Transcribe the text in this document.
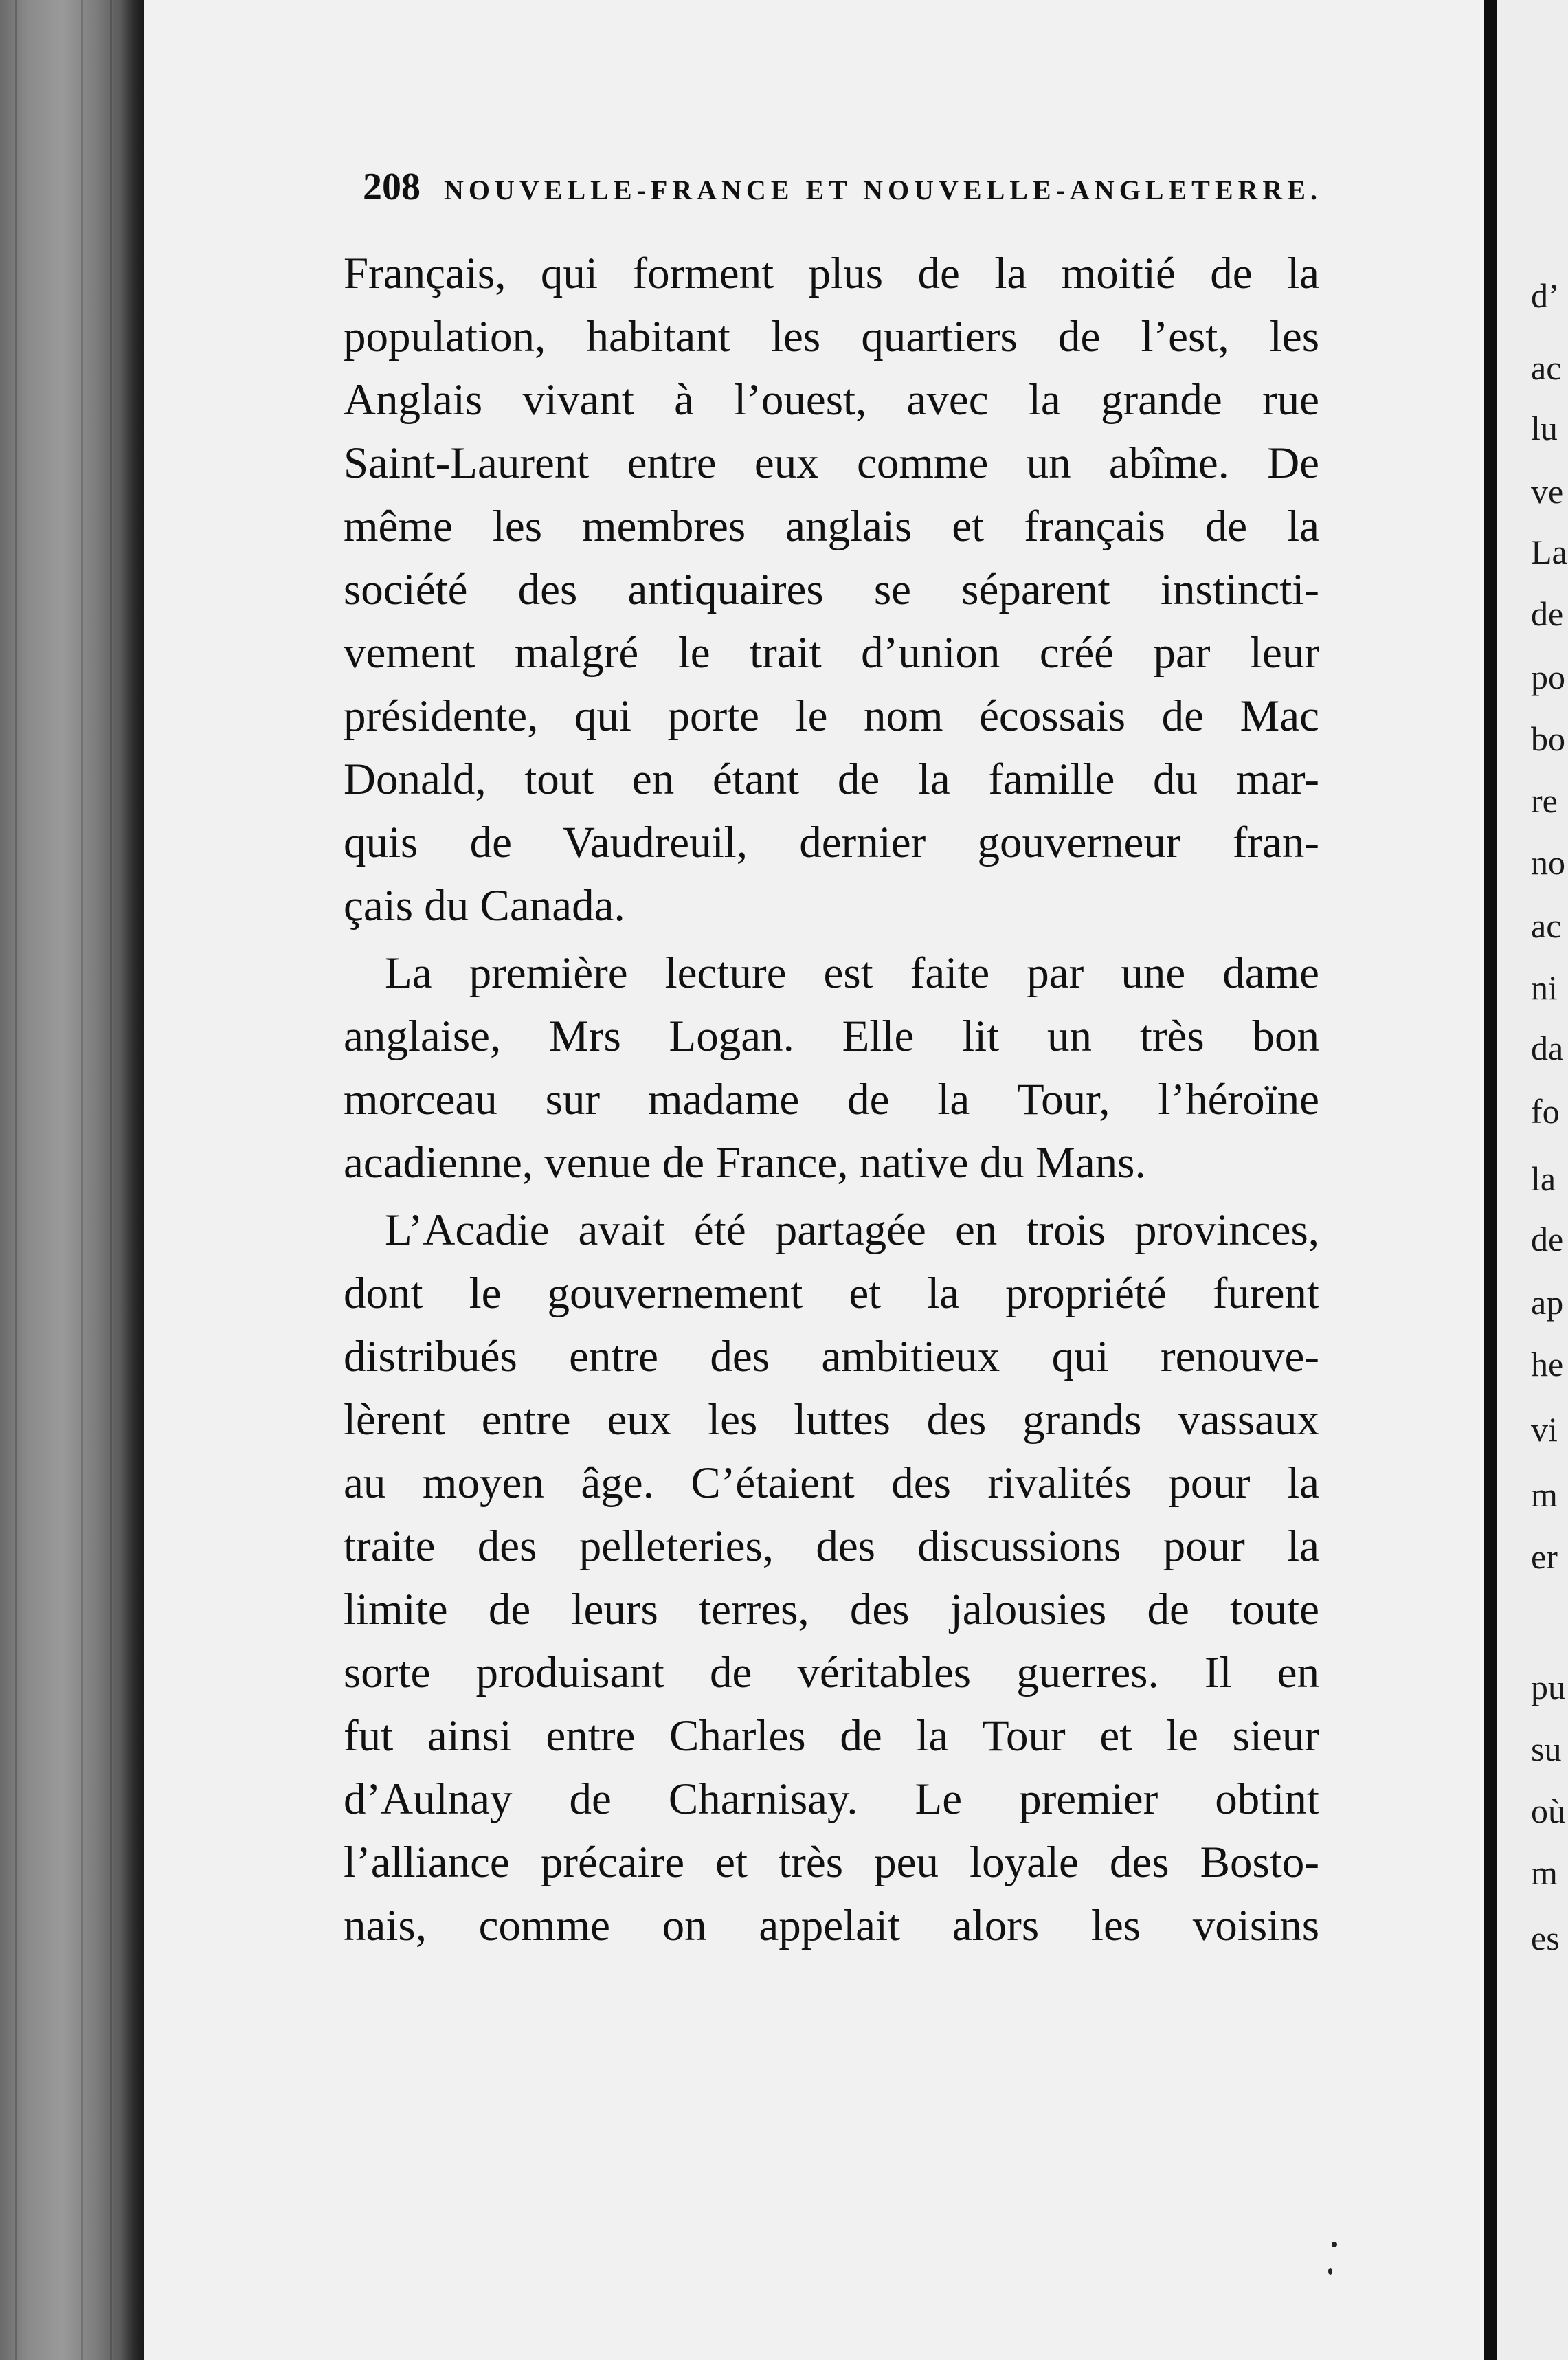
d’
ac
lu
ve
La
de
po
bo
re
no
ac
ni
da
fo
la
de
ap
he
vi
m
er
pu
su
où
m
es
208 NOUVELLE-FRANCE ET NOUVELLE-ANGLETERRE.
Français, qui forment plus de la moitié de la
population, habitant les quartiers de l’est, les
Anglais vivant à l’ouest, avec la grande rue
Saint-Laurent entre eux comme un abîme. De
même les membres anglais et français de la
société des antiquaires se séparent instincti-
vement malgré le trait d’union créé par leur
présidente, qui porte le nom écossais de Mac
Donald, tout en étant de la famille du mar-
quis de Vaudreuil, dernier gouverneur fran-
çais du Canada.
La première lecture est faite par une dame
anglaise, Mrs Logan. Elle lit un très bon
morceau sur madame de la Tour, l’héroïne
acadienne, venue de France, native du Mans.
L’Acadie avait été partagée en trois provinces,
dont le gouvernement et la propriété furent
distribués entre des ambitieux qui renouve-
lèrent entre eux les luttes des grands vassaux
au moyen âge. C’étaient des rivalités pour la
traite des pelleteries, des discussions pour la
limite de leurs terres, des jalousies de toute
sorte produisant de véritables guerres. Il en
fut ainsi entre Charles de la Tour et le sieur
d’Aulnay de Charnisay. Le premier obtint
l’alliance précaire et très peu loyale des Bosto-
nais, comme on appelait alors les voisins
